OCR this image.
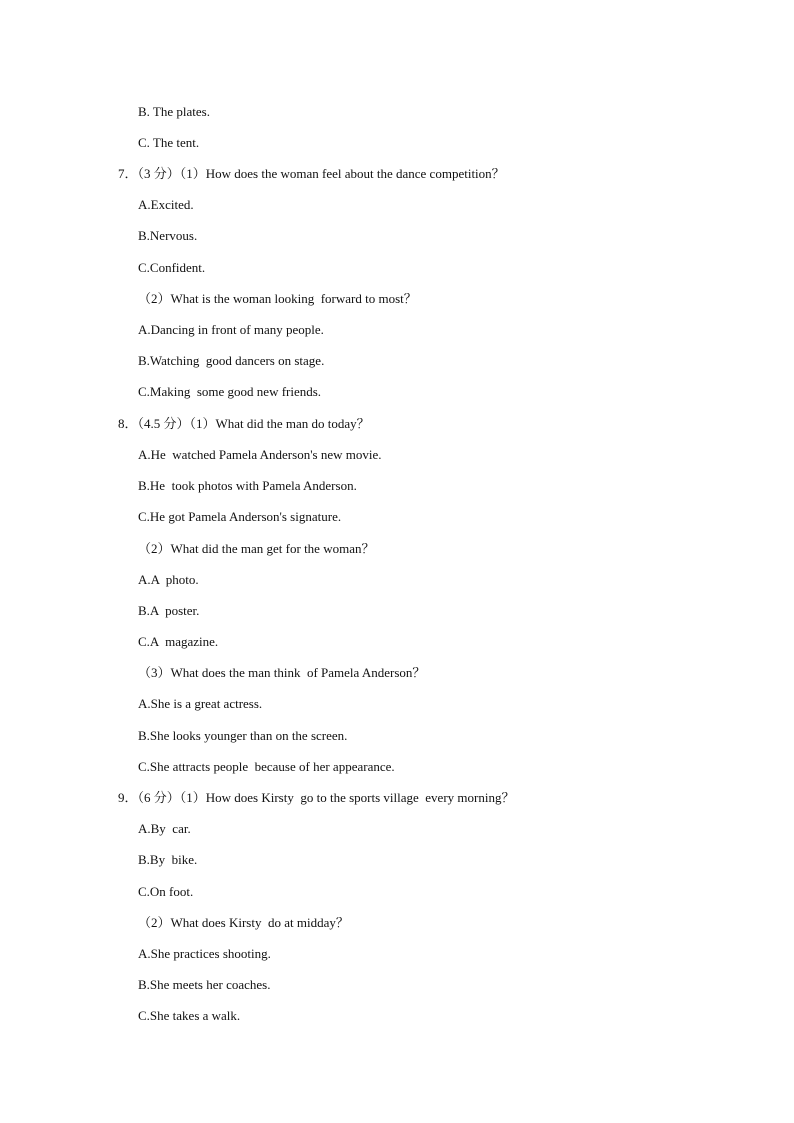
B. The plates.
C. The tent.
7．（3 分）（1）How does the woman feel about the dance competition？
A.Excited.
B.Nervous.
C.Confident.
（2）What is the woman looking  forward to most？
A.Dancing in front of many people.
B.Watching  good dancers on stage.
C.Making  some good new friends.
8．（4.5 分）（1）What did the man do today？
A.He  watched Pamela Anderson's new movie.
B.He  took photos with Pamela Anderson.
C.He got Pamela Anderson's signature.
（2）What did the man get for the woman？
A.A  photo.
B.A  poster.
C.A  magazine.
（3）What does the man think  of Pamela Anderson？
A.She is a great actress.
B.She looks younger than on the screen.
C.She attracts people  because of her appearance.
9．（6 分）（1）How does Kirsty  go to the sports village  every morning？
A.By  car.
B.By  bike.
C.On foot.
（2）What does Kirsty  do at midday？
A.She practices shooting.
B.She meets her coaches.
C.She takes a walk.
